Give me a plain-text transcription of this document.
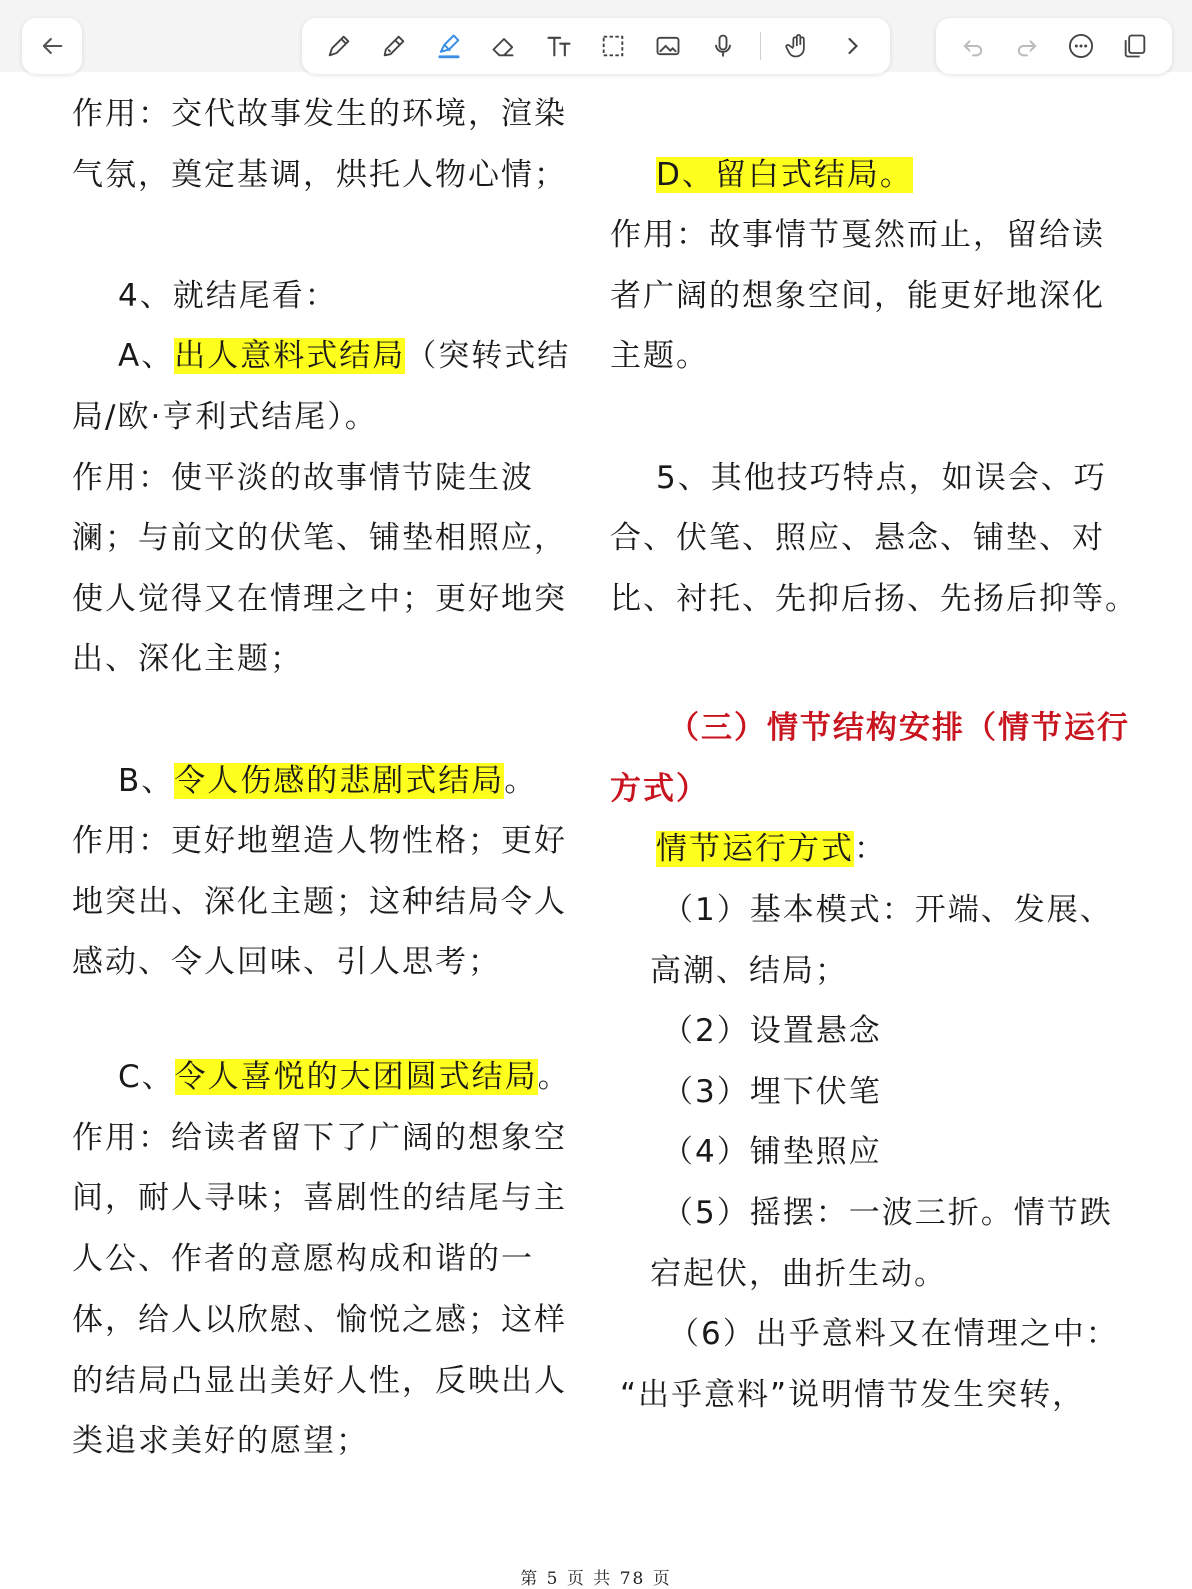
作用：交代故事发生的环境，渲染
气氛，奠定基调，烘托人物心情；
4、就结尾看：
A、出人意料式结局（突转式结
局/欧·亨利式结尾）。
作用：使平淡的故事情节陡生波
澜；与前文的伏笔、铺垫相照应，
使人觉得又在情理之中；更好地突
出、深化主题；
B、令人伤感的悲剧式结局。
作用：更好地塑造人物性格；更好
地突出、深化主题；这种结局令人
感动、令人回味、引人思考；
C、令人喜悦的大团圆式结局。
作用：给读者留下了广阔的想象空
间，耐人寻味；喜剧性的结尾与主
人公、作者的意愿构成和谐的一
体，给人以欣慰、愉悦之感；这样
的结局凸显出美好人性，反映出人
类追求美好的愿望；
D、留白式结局。
作用：故事情节戛然而止，留给读
者广阔的想象空间，能更好地深化
主题。
5、其他技巧特点，如误会、巧
合、伏笔、照应、悬念、铺垫、对
比、衬托、先抑后扬、先扬后抑等。
（三）情节结构安排（情节运行
方式）
情节运行方式：
（1）基本模式：开端、发展、
高潮、结局；
（2）设置悬念
（3）埋下伏笔
（4）铺垫照应
（5）摇摆：一波三折。情节跌
宕起伏，曲折生动。
（6）出乎意料又在情理之中：
“出乎意料”说明情节发生突转，
第 5 页 共 78 页
